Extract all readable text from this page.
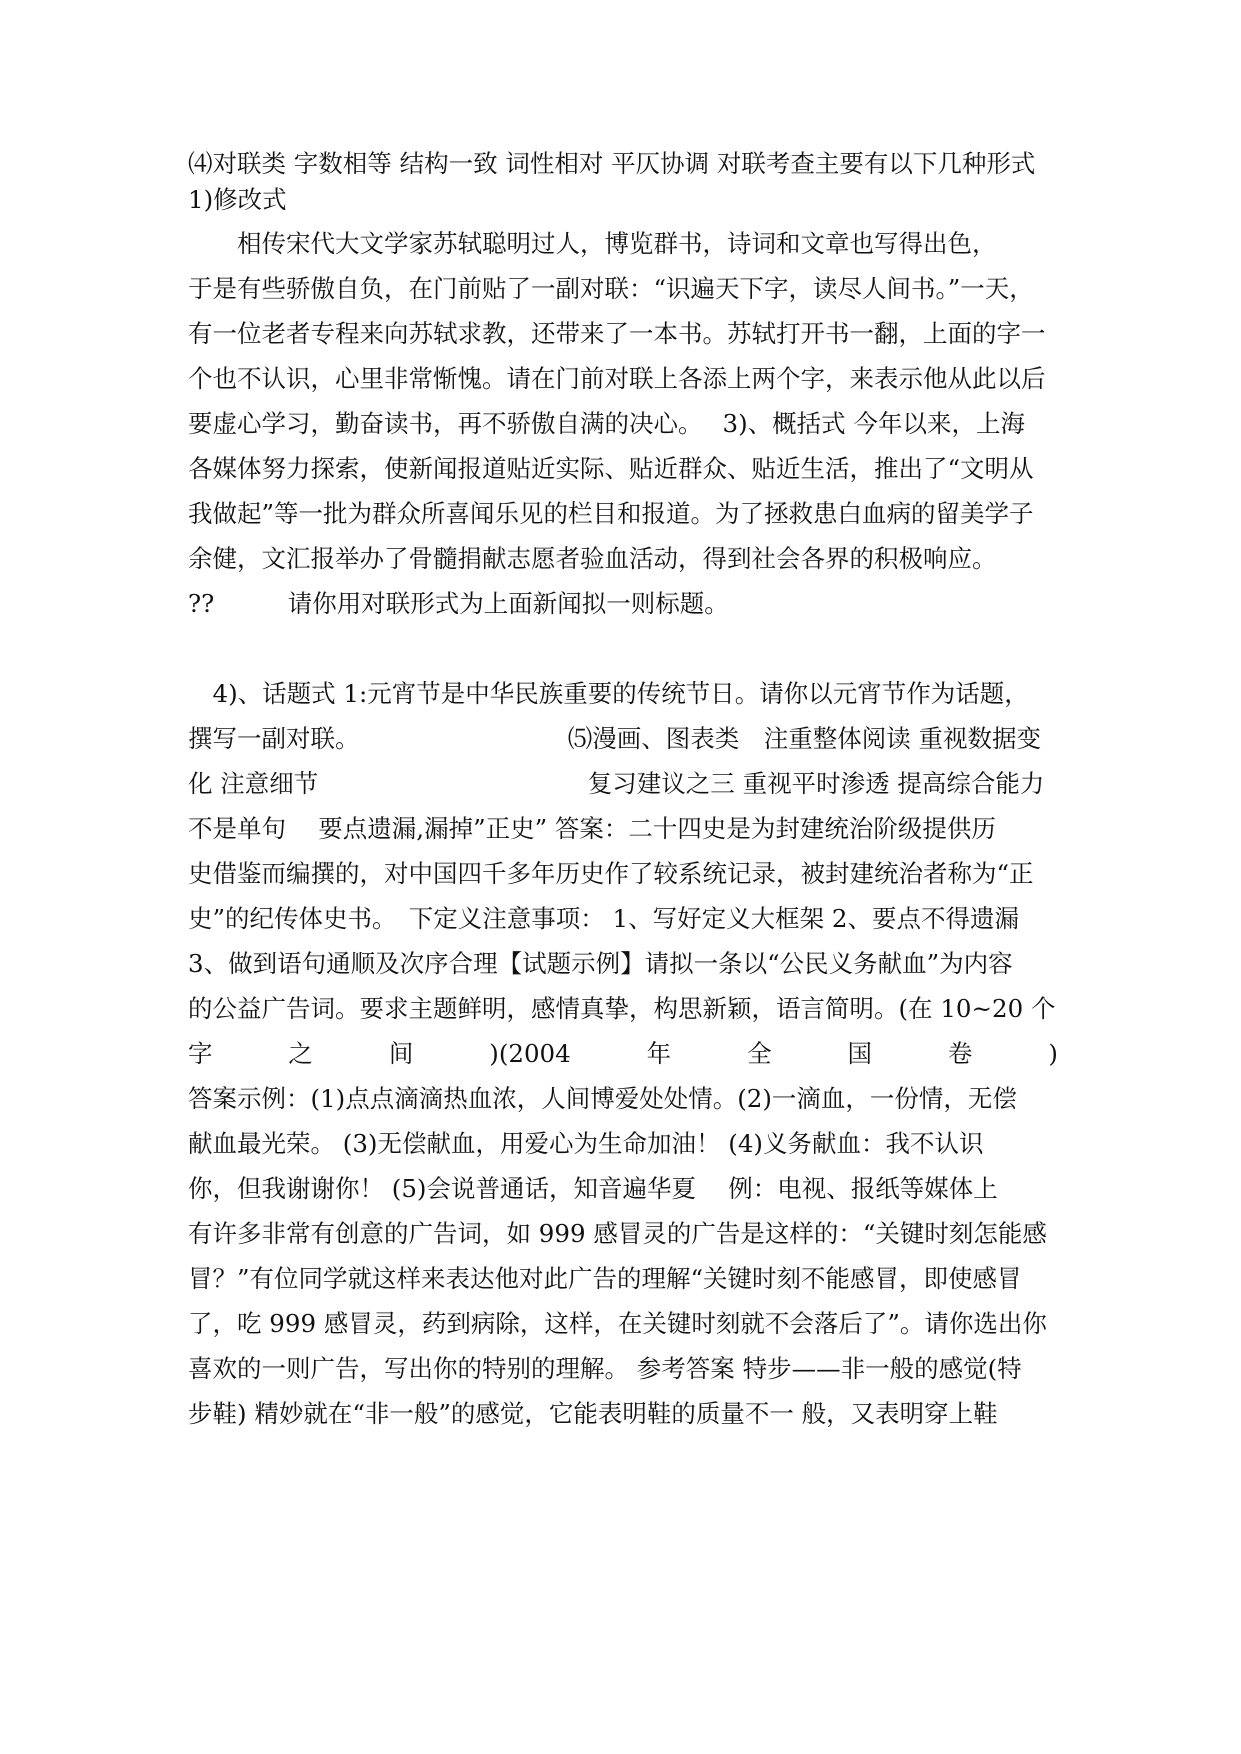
⑷对联类 字数相等 结构一致 词性相对 平仄协调 对联考查主要有以下几种形式
1)修改式
　　相传宋代大文学家苏轼聪明过人，博览群书，诗词和文章也写得出色，
于是有些骄傲自负，在门前贴了一副对联：“识遍天下字，读尽人间书。”一天，
有一位老者专程来向苏轼求教，还带来了一本书。苏轼打开书一翻，上面的字一
个也不认识，心里非常惭愧。请在门前对联上各添上两个字，来表示他从此以后
要虚心学习，勤奋读书，再不骄傲自满的决心。　 3)、概括式 今年以来，上海
各媒体努力探索，使新闻报道贴近实际、贴近群众、贴近生活，推出了“文明从
我做起”等一批为群众所喜闻乐见的栏目和报道。为了拯救患白血病的留美学子
余健，文汇报举办了骨髓捐献志愿者验血活动，得到社会各界的积极响应。
??　　　请你用对联形式为上面新闻拟一则标题。
　4)、话题式 1:元宵节是中华民族重要的传统节日。请你以元宵节作为话题，
撰写一副对联。　　　　　　　　　⑸漫画、图表类　注重整体阅读 重视数据变
化 注意细节　　　　　　　　　　　复习建议之三 重视平时渗透 提高综合能力
不是单句　 要点遗漏,漏掉”正史” 答案：二十四史是为封建统治阶级提供历
史借鉴而编撰的，对中国四千多年历史作了较系统记录，被封建统治者称为“正
史”的纪传体史书。　下定义注意事项： 1、写好定义大框架 2、要点不得遗漏
3、做到语句通顺及次序合理【试题示例】请拟一条以“公民义务献血”为内容
的公益广告词。要求主题鲜明，感情真挚，构思新颖，语言简明。(在 10~20 个
字	之	间	)(2004	年	全	国	卷	)
答案示例：(1)点点滴滴热血浓，人间博爱处处情。(2)一滴血，一份情，无偿
献血最光荣。 (3)无偿献血，用爱心为生命加油！ (4)义务献血：我不认识
你，但我谢谢你！ (5)会说普通话，知音遍华夏　 例：电视、报纸等媒体上
有许多非常有创意的广告词，如 999 感冒灵的广告是这样的：“关键时刻怎能感
冒？”有位同学就这样来表达他对此广告的理解“关键时刻不能感冒，即使感冒
了，吃 999 感冒灵，药到病除，这样，在关键时刻就不会落后了”。请你选出你
喜欢的一则广告，写出你的特别的理解。 参考答案 特步——非一般的感觉(特
步鞋) 精妙就在“非一般”的感觉，它能表明鞋的质量不一 般，又表明穿上鞋
